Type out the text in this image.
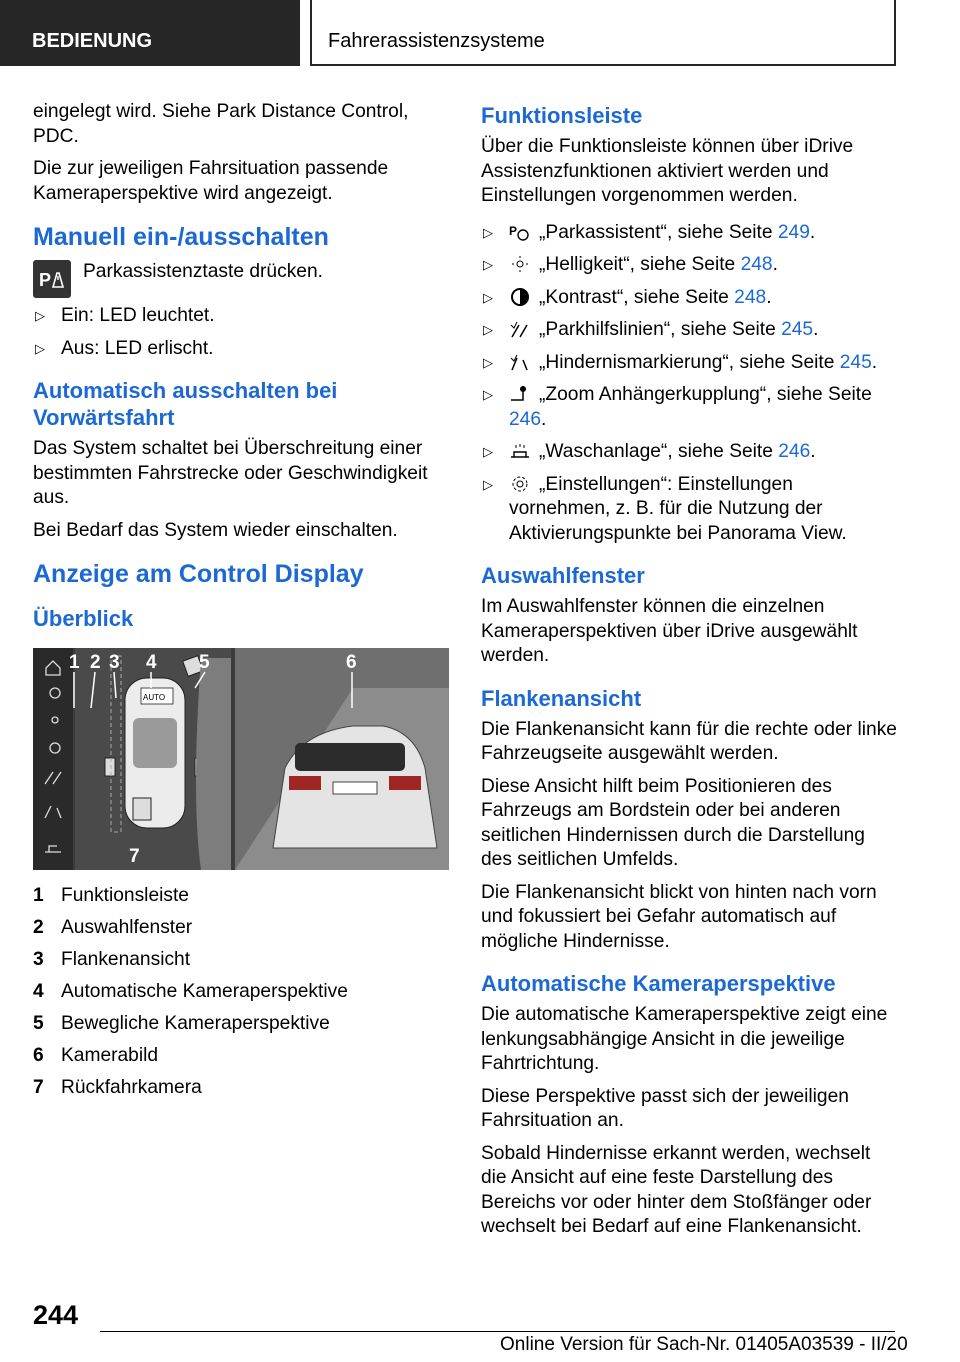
BEDIENUNG	Fahrerassistenzsysteme

eingelegt wird. Siehe Park Distance Control, PDC.

Die zur jeweiligen Fahrsituation passende Kameraperspektive wird angezeigt.

Manuell ein-/ausschalten
P	Parkassistenztaste drücken.

▷ Ein: LED leuchtet.
▷ Aus: LED erlischt.
Automatisch ausschalten bei Vorwärtsfahrt

Das System schaltet bei Überschreitung einer bestimmten Fahrstrecke oder Geschwindigkeit aus.

Bei Bedarf das System wieder einschalten.

Anzeige am Control Display
Überblick
AUTO
1 2 3 4 5	6
7
1 Funktionsleiste
2 Auswahlfenster
3 Flankenansicht
4 Automatische Kameraperspektive
5 Bewegliche Kameraperspektive
6 Kamerabild
7 Rückfahrkamera
Funktionsleiste

Über die Funktionsleiste können über iDrive Assistenzfunktionen aktiviert werden und Einstellungen vorgenommen werden.

▷ P „Parkassistent“, siehe Seite 249.
▷ „Helligkeit“, siehe Seite 248.
▷ „Kontrast“, siehe Seite 248.
▷ „Parkhilfslinien“, siehe Seite 245.
▷ „Hindernismarkierung“, siehe Seite 245.
▷ „Zoom Anhängerkupplung“, siehe Seite 246.
▷ „Waschanlage“, siehe Seite 246.
▷ „Einstellungen“: Einstellungen vornehmen, z. B. für die Nutzung der Aktivierungspunkte bei Panorama View.
Auswahlfenster

Im Auswahlfenster können die einzelnen Kameraperspektiven über iDrive ausgewählt werden.

Flankenansicht

Die Flankenansicht kann für die rechte oder linke Fahrzeugseite ausgewählt werden.

Diese Ansicht hilft beim Positionieren des Fahrzeugs am Bordstein oder bei anderen seitlichen Hindernissen durch die Darstellung des seitlichen Umfelds.

Die Flankenansicht blickt von hinten nach vorn und fokussiert bei Gefahr automatisch auf mögliche Hindernisse.

Automatische Kameraperspektive

Die automatische Kameraperspektive zeigt eine lenkungsabhängige Ansicht in die jeweilige Fahrtrichtung.

Diese Perspektive passt sich der jeweiligen Fahrsituation an.

Sobald Hindernisse erkannt werden, wechselt die Ansicht auf eine feste Darstellung des Bereichs vor oder hinter dem Stoßfänger oder wechselt bei Bedarf auf eine Flankenansicht.

244
Online Version für Sach-Nr. 01405A03539 - II/20
